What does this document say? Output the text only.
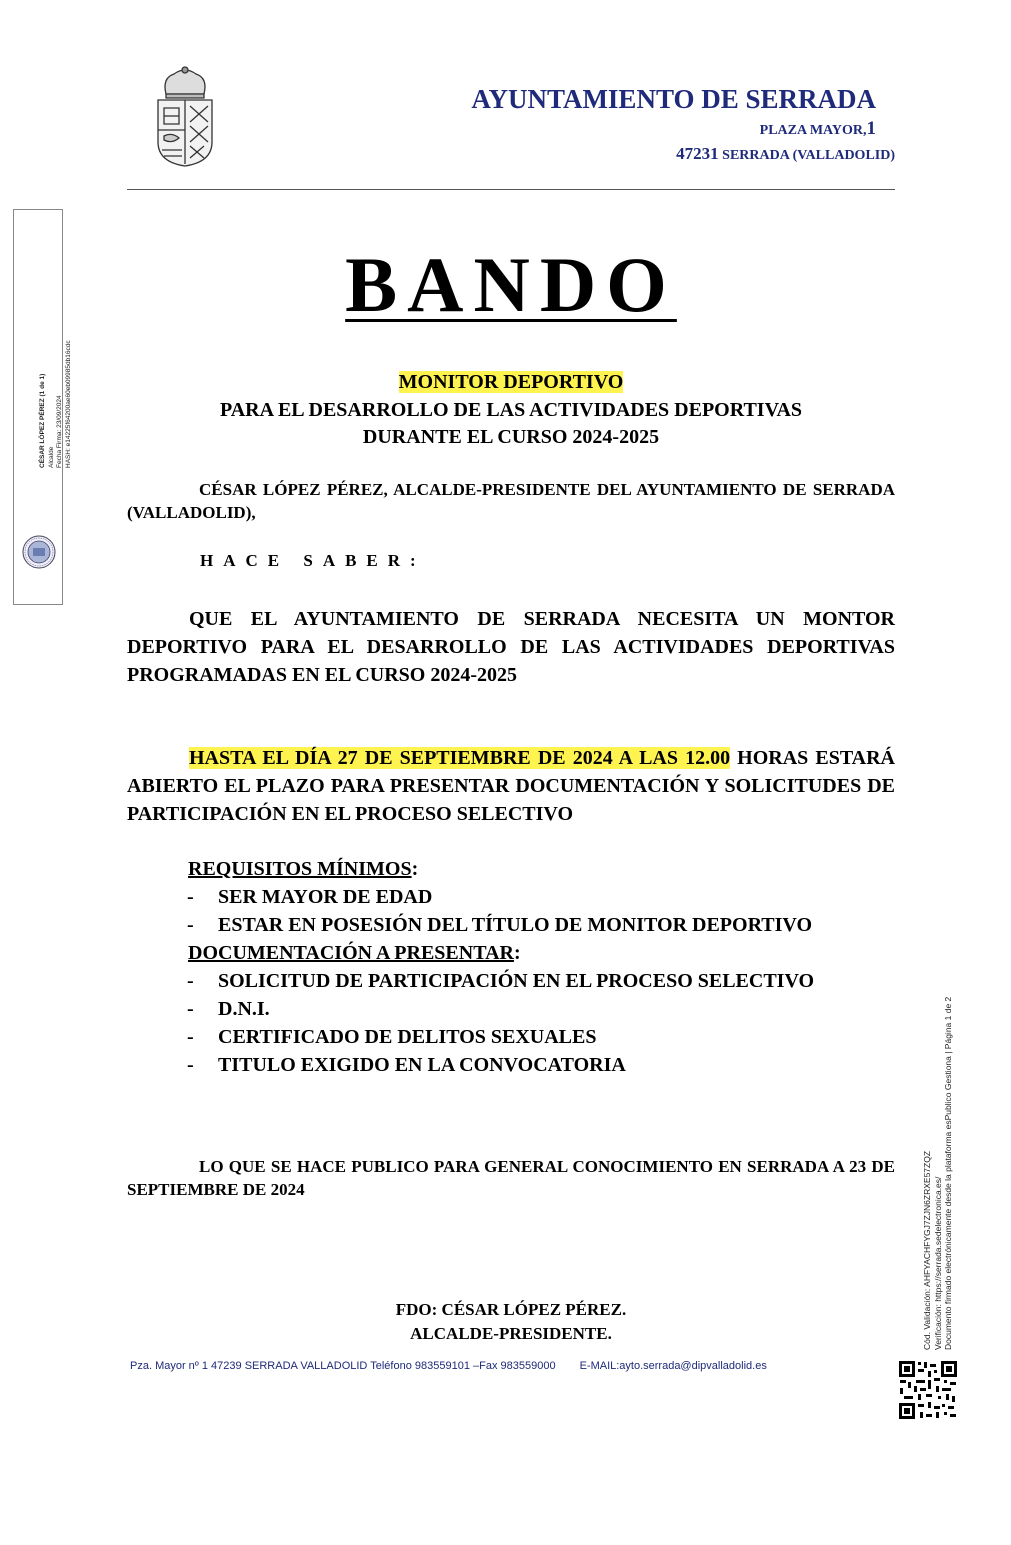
AYUNTAMIENTO DE SERRADA
PLAZA MAYOR,1
47231 SERRADA (VALLADOLID)
CÉSAR LÓPEZ PÉREZ (1 de 1) Alcalde Fecha Firma: 23/09/2024 HASH: e14225f64200ae60eb09985db16cdc
Cód. Validación: AHFYACHFYGJ7ZJN6ZRXE57ZQZ Verificación: https://serrada.sedelectronica.es/ Documento firmado electrónicamente desde la plataforma esPublico Gestiona | Página 1 de 2
BANDO
MONITOR DEPORTIVO
PARA EL DESARROLLO DE LAS ACTIVIDADES DEPORTIVAS
DURANTE EL CURSO 2024-2025
CÉSAR LÓPEZ PÉREZ, ALCALDE-PRESIDENTE DEL AYUNTAMIENTO DE SERRADA (VALLADOLID),
HACE SABER:
QUE EL AYUNTAMIENTO DE SERRADA NECESITA UN MONTOR DEPORTIVO PARA EL DESARROLLO DE LAS ACTIVIDADES DEPORTIVAS PROGRAMADAS EN EL CURSO 2024-2025
HASTA EL DÍA 27 DE SEPTIEMBRE DE 2024 A LAS 12.00 HORAS ESTARÁ ABIERTO EL PLAZO PARA PRESENTAR DOCUMENTACIÓN Y SOLICITUDES DE PARTICIPACIÓN EN EL PROCESO SELECTIVO
REQUISITOS MÍNIMOS:
- SER MAYOR DE EDAD
- ESTAR EN POSESIÓN DEL TÍTULO DE MONITOR DEPORTIVO
DOCUMENTACIÓN A PRESENTAR:
- SOLICITUD DE PARTICIPACIÓN EN EL PROCESO SELECTIVO
- D.N.I.
- CERTIFICADO DE DELITOS SEXUALES
- TITULO EXIGIDO EN LA CONVOCATORIA
LO QUE SE HACE PUBLICO PARA GENERAL CONOCIMIENTO EN SERRADA A 23 DE SEPTIEMBRE DE 2024
FDO: CÉSAR LÓPEZ PÉREZ.
ALCALDE-PRESIDENTE.
Pza. Mayor nº 1 47239 SERRADA VALLADOLID Teléfono 983559101 –Fax 983559000 E-MAIL:ayto.serrada@dipvalladolid.es
